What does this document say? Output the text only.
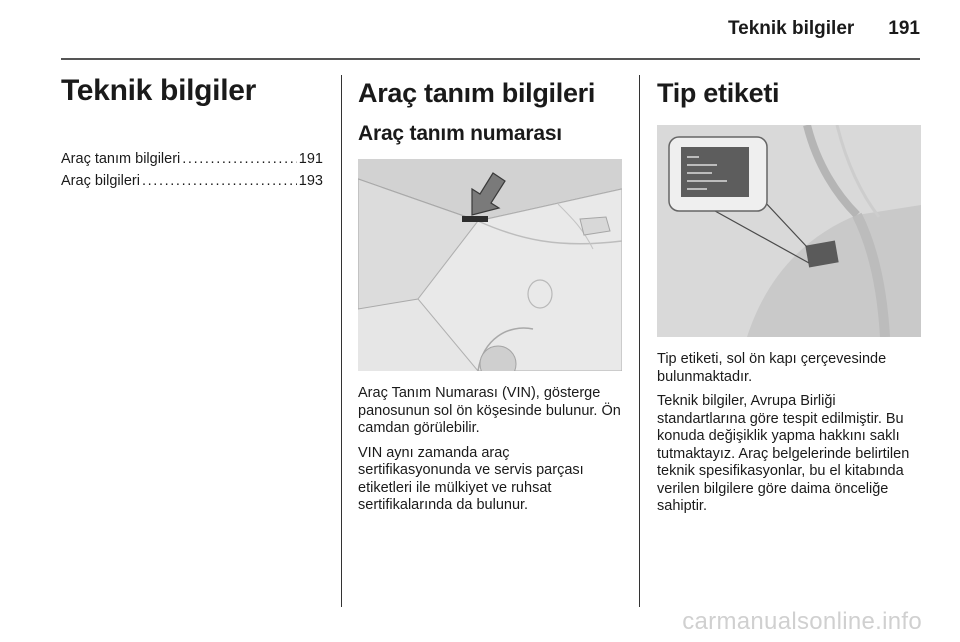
Teknik bilgiler 191
Teknik bilgiler
Araç tanım bilgileri . . .	191
Araç bilgileri . . .	193
Araç tanım bilgileri
Araç tanım numarası

Araç Tanım Numarası (VIN), gösterge panosunun sol ön köşesinde bulunur. Ön camdan görülebilir.

VIN aynı zamanda araç sertifikasyonunda ve servis parçası etiketleri ile mülkiyet ve ruhsat sertifikalarında da bulunur.

Tip etiketi

Tip etiketi, sol ön kapı çerçevesinde bulunmaktadır.

Teknik bilgiler, Avrupa Birliği standartlarına göre tespit edilmiştir. Bu konuda değişiklik yapma hakkını saklı tutmaktayız. Araç belgelerinde belirtilen teknik spesifikasyonlar, bu el kitabında verilen bilgilere göre daima önceliğe sahiptir.

carmanualsonline.info
